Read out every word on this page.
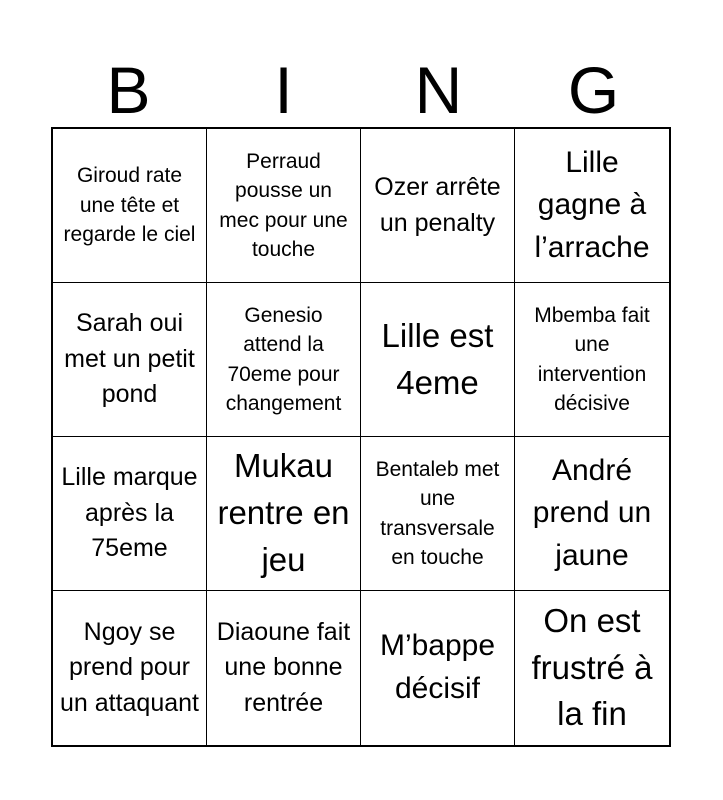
B	I	N	G
Giroud rate une tête et regarde le ciel
Perraud pousse un mec pour une touche
Ozer arrête un penalty
Lille gagne à l’arrache
Sarah oui met un petit pond
Genesio attend la 70eme pour changement
Lille est 4eme
Mbemba fait une intervention décisive
Lille marque après la 75eme
Mukau rentre en jeu
Bentaleb met une transversale en touche
André prend un jaune
Ngoy se prend pour un attaquant
Diaoune fait une bonne rentrée
M’bappe décisif
On est frustré à la fin
